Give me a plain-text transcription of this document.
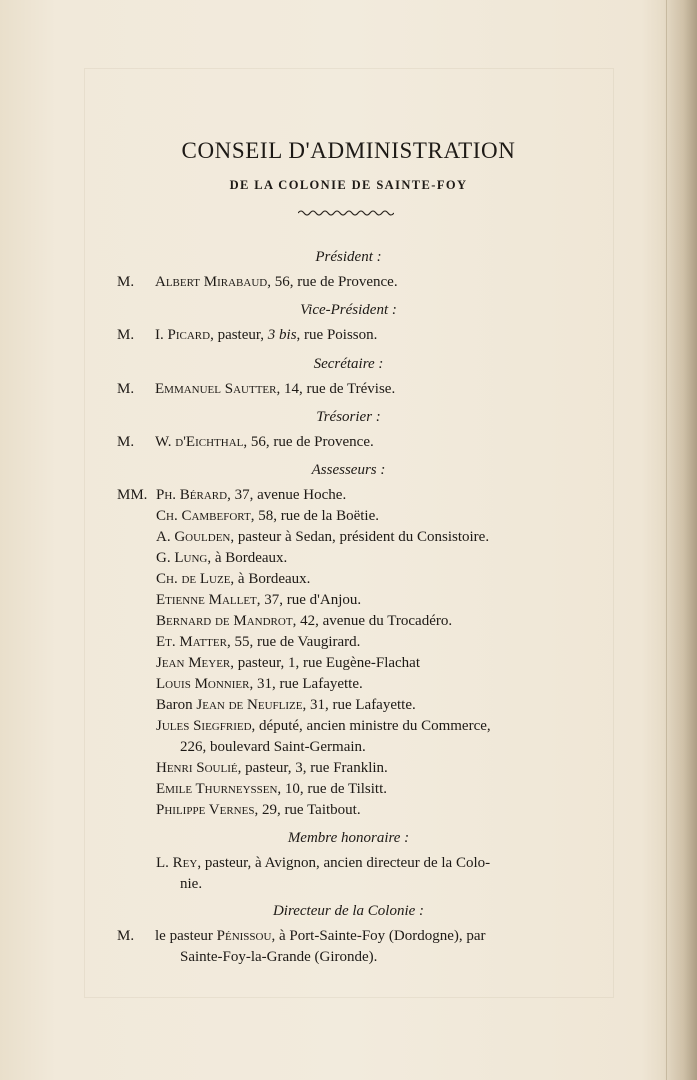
CONSEIL D'ADMINISTRATION
DE LA COLONIE DE SAINTE-FOY
Président :
M. Albert Mirabaud, 56, rue de Provence.
Vice-Président :
M. I. Picard, pasteur, 3 bis, rue Poisson.
Secrétaire :
M. Emmanuel Sautter, 14, rue de Trévise.
Trésorier :
M. W. d'Eichthal, 56, rue de Provence.
Assesseurs :
MM. Ph. Bérard, 37, avenue Hoche.
Ch. Cambefort, 58, rue de la Boëtie.
A. Goulden, pasteur à Sedan, président du Consistoire.
G. Lung, à Bordeaux.
Ch. de Luze, à Bordeaux.
Etienne Mallet, 37, rue d'Anjou.
Bernard de Mandrot, 42, avenue du Trocadéro.
Et. Matter, 55, rue de Vaugirard.
Jean Meyer, pasteur, 1, rue Eugène-Flachat
Louis Monnier, 31, rue Lafayette.
Baron Jean de Neuflize, 31, rue Lafayette.
Jules Siegfried, député, ancien ministre du Commerce,
226, boulevard Saint-Germain.
Henri Soulié, pasteur, 3, rue Franklin.
Emile Thurneyssen, 10, rue de Tilsitt.
Philippe Vernes, 29, rue Taitbout.
Membre honoraire :
L. Rey, pasteur, à Avignon, ancien directeur de la Colo-
nie.
Directeur de la Colonie :
M. le pasteur Pénissou, à Port-Sainte-Foy (Dordogne), par
Sainte-Foy-la-Grande (Gironde).
